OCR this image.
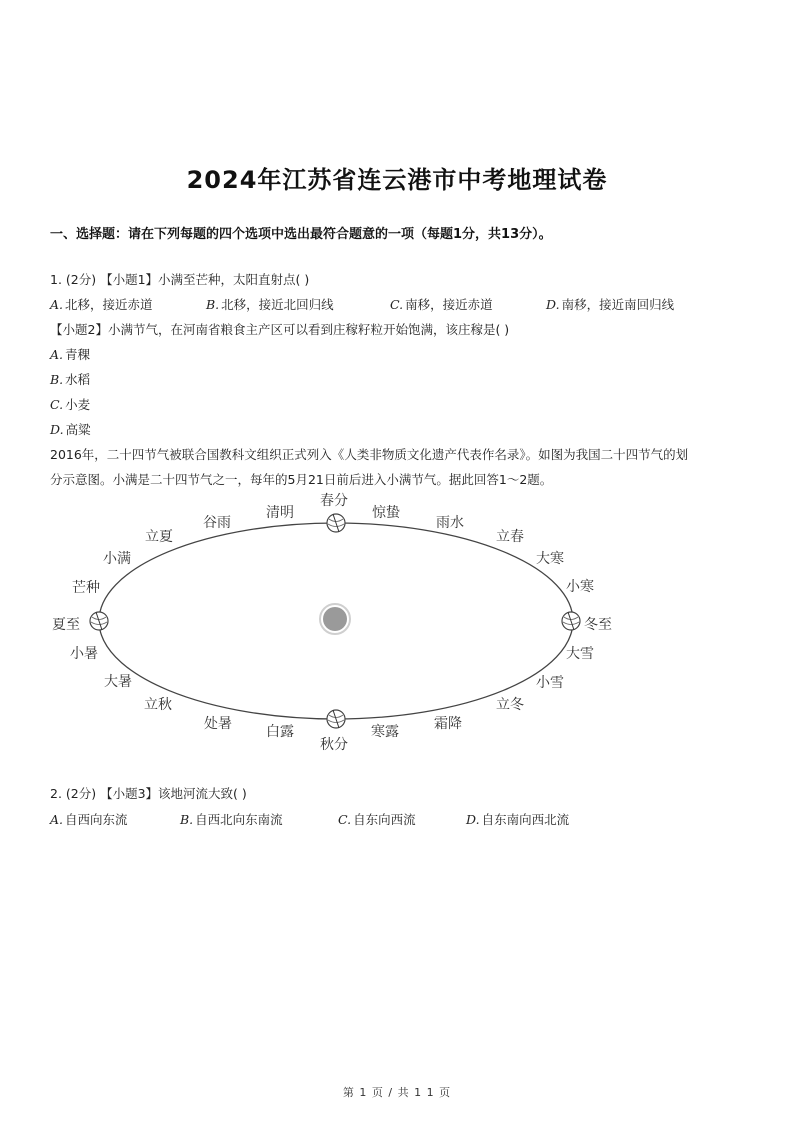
2024年江苏省连云港市中考地理试卷
一、选择题：请在下列每题的四个选项中选出最符合题意的一项（每题1分，共13分）。
1. (2分) 【小题1】小满至芒种，太阳直射点( )
A. 北移，接近赤道	B. 北移，接近北回归线	C. 南移，接近赤道	D. 南移，接近南回归线
【小题2】小满节气，在河南省粮食主产区可以看到庄稼籽粒开始饱满，该庄稼是( )
A. 青稞
B. 水稻
C. 小麦
D. 高粱
2016年，二十四节气被联合国教科文组织正式列入《人类非物质文化遗产代表作名录》。如图为我国二十四节气的划
分示意图。小满是二十四节气之一，每年的5月21日前后进入小满节气。据此回答1～2题。
春分
惊蛰
雨水
立春
大寒
小寒
冬至
大雪
小雪
立冬
霜降
寒露
秋分
白露
处暑
立秋
大暑
小暑
夏至
芒种
小满
立夏
谷雨
清明
2. (2分) 【小题3】该地河流大致( )
A. 自西向东流	B. 自西北向东南流	C. 自东向西流	D. 自东南向西北流
第 1 页 / 共 1 1 页
